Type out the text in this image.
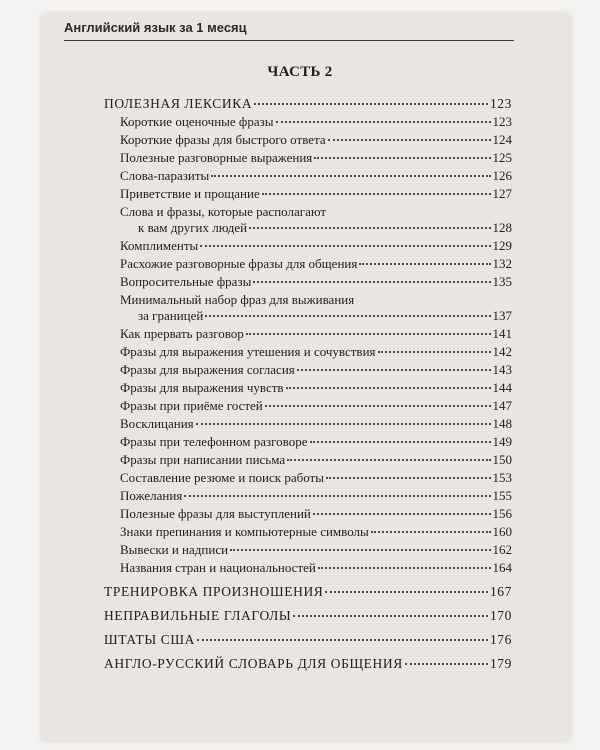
Английский язык за 1 месяц
ЧАСТЬ 2
ПОЛЕЗНАЯ ЛЕКСИКА	123
Короткие оценочные фразы	123
Короткие фразы для быстрого ответа	124
Полезные разговорные выражения	125
Слова-паразиты	126
Приветствие и прощание	127
Слова и фразы, которые располагают
к вам других людей	128
Комплименты	129
Расхожие разговорные фразы для общения	132
Вопросительные фразы	135
Минимальный набор фраз для выживания
за границей	137
Как прервать разговор	141
Фразы для выражения утешения и сочувствия	142
Фразы для выражения согласия	143
Фразы для выражения чувств	144
Фразы при приёме гостей	147
Восклицания	148
Фразы при телефонном разговоре	149
Фразы при написании письма	150
Составление резюме и поиск работы	153
Пожелания	155
Полезные фразы для выступлений	156
Знаки препинания и компьютерные символы	160
Вывески и надписи	162
Названия стран и национальностей	164
ТРЕНИРОВКА ПРОИЗНОШЕНИЯ	167
НЕПРАВИЛЬНЫЕ ГЛАГОЛЫ	170
ШТАТЫ США	176
АНГЛО-РУССКИЙ СЛОВАРЬ ДЛЯ ОБЩЕНИЯ	179
